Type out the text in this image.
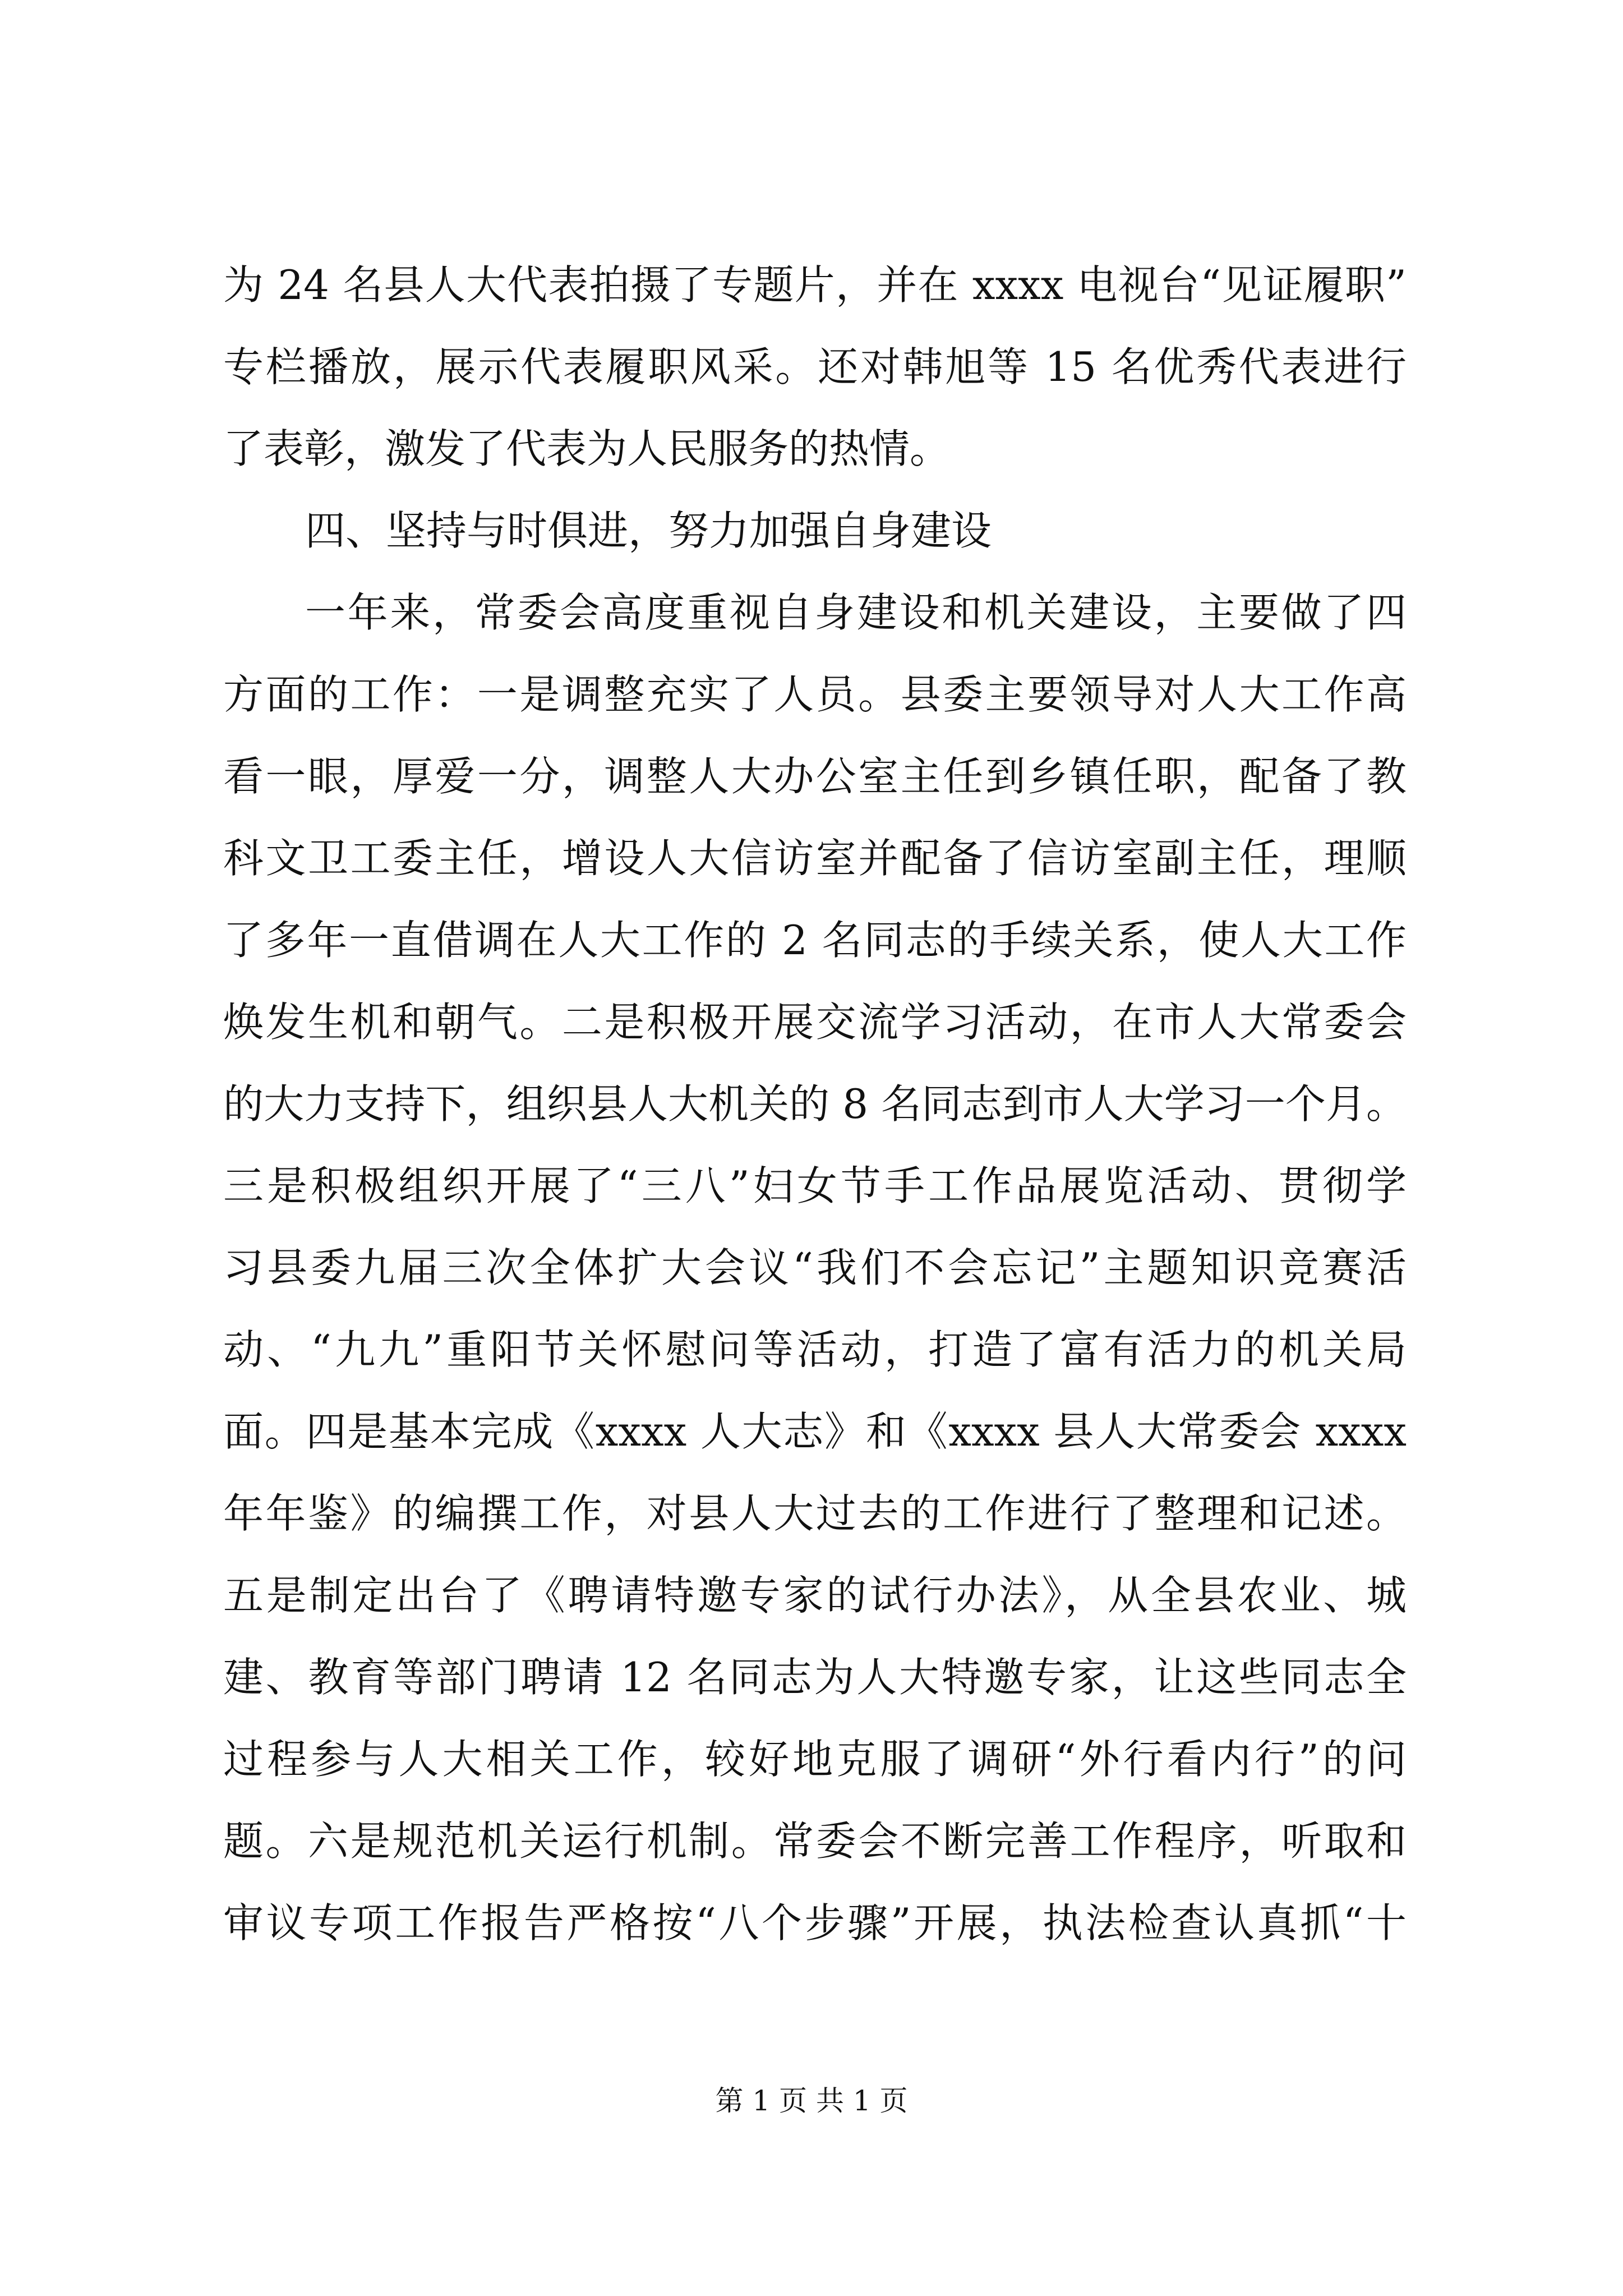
为 24 名县人大代表拍摄了专题片，并在 xxxx 电视台“见证履职”
专栏播放，展示代表履职风采。还对韩旭等 15 名优秀代表进行
了表彰，激发了代表为人民服务的热情。
四、坚持与时俱进，努力加强自身建设
一年来，常委会高度重视自身建设和机关建设，主要做了四
方面的工作：一是调整充实了人员。县委主要领导对人大工作高
看一眼，厚爱一分，调整人大办公室主任到乡镇任职，配备了教
科文卫工委主任，增设人大信访室并配备了信访室副主任，理顺
了多年一直借调在人大工作的 2 名同志的手续关系，使人大工作
焕发生机和朝气。二是积极开展交流学习活动，在市人大常委会
的大力支持下，组织县人大机关的 8 名同志到市人大学习一个月。
三是积极组织开展了“三八”妇女节手工作品展览活动、贯彻学
习县委九届三次全体扩大会议“我们不会忘记”主题知识竞赛活
动、“九九”重阳节关怀慰问等活动，打造了富有活力的机关局
面。四是基本完成《xxxx 人大志》和《xxxx 县人大常委会 xxxx
年年鉴》的编撰工作，对县人大过去的工作进行了整理和记述。
五是制定出台了《聘请特邀专家的试行办法》，从全县农业、城
建、教育等部门聘请 12 名同志为人大特邀专家，让这些同志全
过程参与人大相关工作，较好地克服了调研“外行看内行”的问
题。六是规范机关运行机制。常委会不断完善工作程序，听取和
审议专项工作报告严格按“八个步骤”开展，执法检查认真抓“十
第 1 页 共 1 页
